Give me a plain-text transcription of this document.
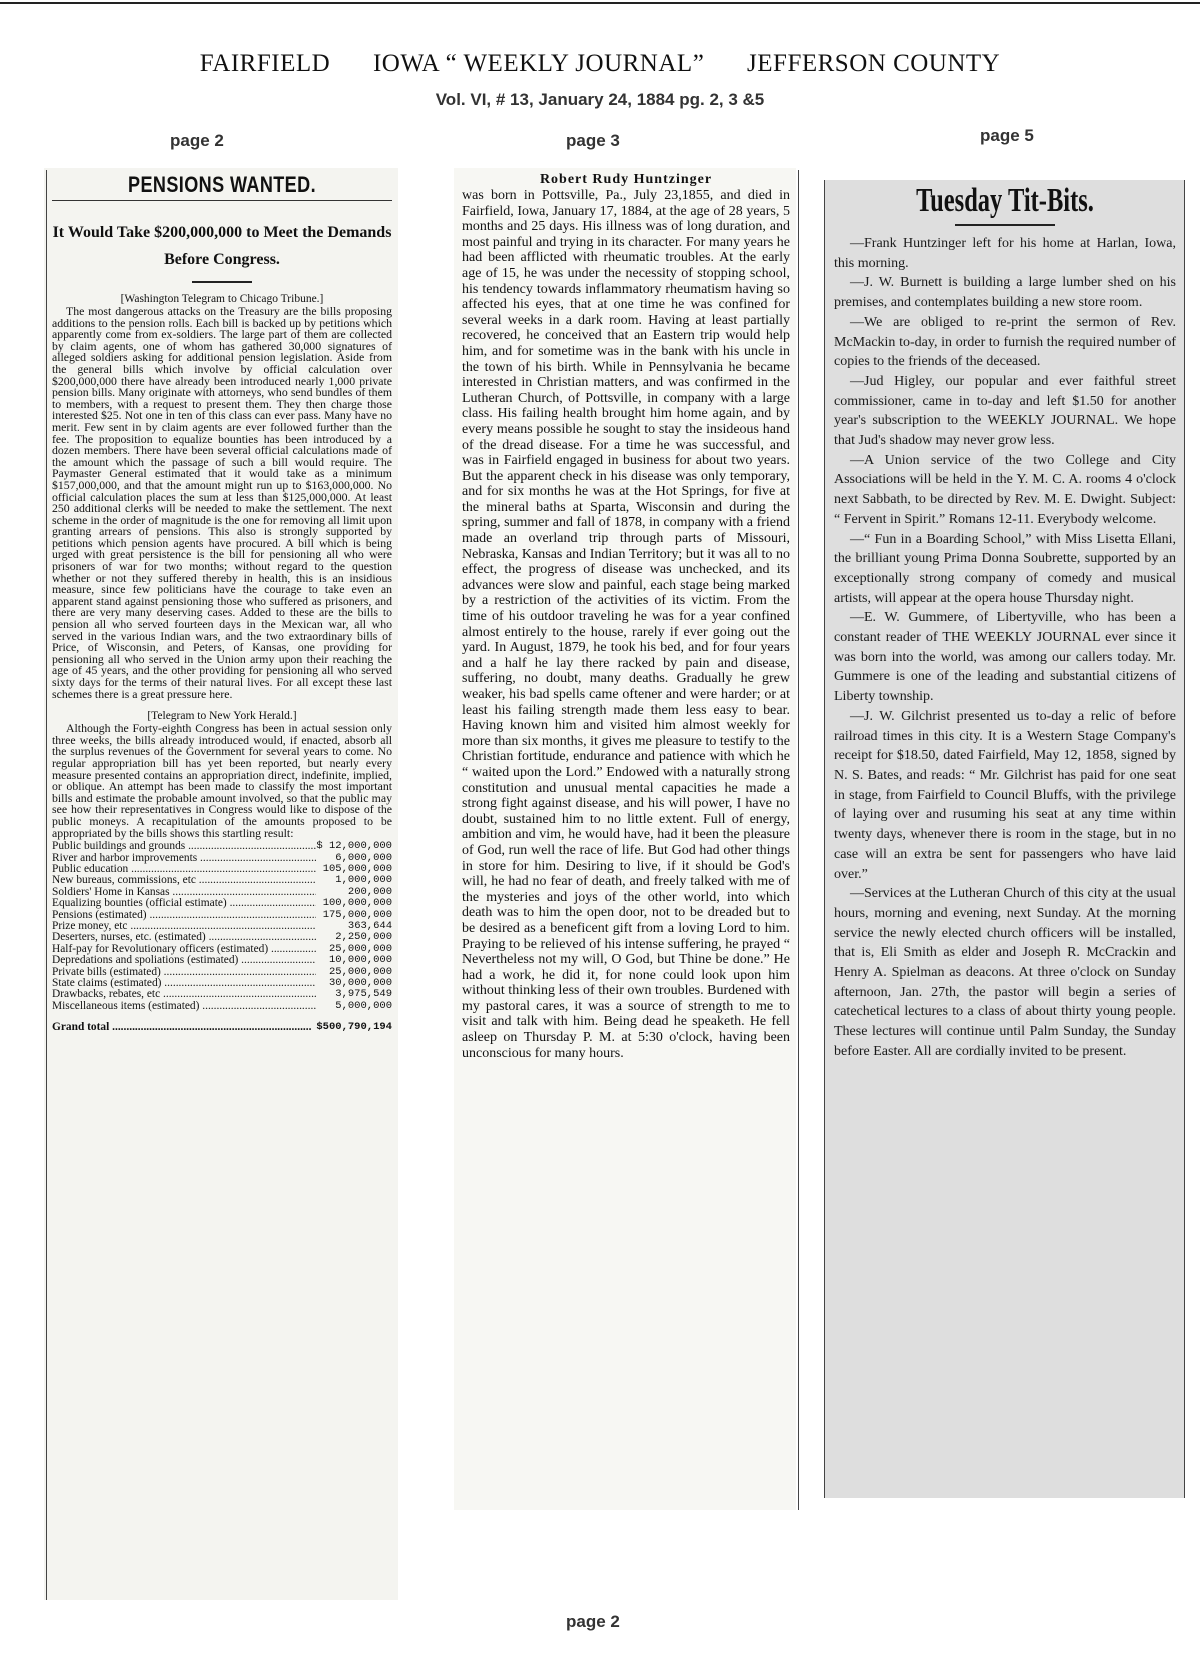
FAIRFIELD IOWA “ WEEKLY JOURNAL” JEFFERSON COUNTY
Vol. VI, # 13, January 24, 1884 pg. 2, 3 &5
page 2	page 3	page 5
PENSIONS WANTED.
It Would Take $200,000,000 to Meet the Demands Before Congress.
[Washington Telegram to Chicago Tribune.]

The most dangerous attacks on the Treasury are the bills proposing additions to the pension rolls. Each bill is backed up by petitions which apparently come from ex-soldiers. The large part of them are collected by claim agents, one of whom has gathered 30,000 signatures of alleged soldiers asking for additional pension legislation. Aside from the general bills which involve by official calculation over $200,000,000 there have already been introduced nearly 1,000 private pension bills. Many originate with attorneys, who send bundles of them to members, with a request to present them. They then charge those interested $25. Not one in ten of this class can ever pass. Many have no merit. Few sent in by claim agents are ever followed further than the fee. The proposition to equalize bounties has been introduced by a dozen members. There have been several official calculations made of the amount which the passage of such a bill would require. The Paymaster General estimated that it would take as a minimum $157,000,000, and that the amount might run up to $163,000,000. No official calculation places the sum at less than $125,000,000. At least 250 additional clerks will be needed to make the settlement. The next scheme in the order of magnitude is the one for removing all limit upon granting arrears of pensions. This also is strongly supported by petitions which pension agents have procured. A bill which is being urged with great persistence is the bill for pensioning all who were prisoners of war for two months; without regard to the question whether or not they suffered thereby in health, this is an insidious measure, since few politicians have the courage to take even an apparent stand against pensioning those who suffered as prisoners, and there are very many deserving cases. Added to these are the bills to pension all who served fourteen days in the Mexican war, all who served in the various Indian wars, and the two extraordinary bills of Price, of Wisconsin, and Peters, of Kansas, one providing for pensioning all who served in the Union army upon their reaching the age of 45 years, and the other providing for pensioning all who served sixty days for the terms of their natural lives. For all except these last schemes there is a great pressure here.

[Telegram to New York Herald.]

Although the Forty-eighth Congress has been in actual session only three weeks, the bills already introduced would, if enacted, absorb all the surplus revenues of the Government for several years to come. No regular appropriation bill has yet been reported, but nearly every measure presented contains an appropriation direct, indefinite, implied, or oblique. An attempt has been made to classify the most important bills and estimate the probable amount involved, so that the public may see how their representatives in Congress would like to dispose of the public moneys. A recapitulation of the amounts proposed to be appropriated by the bills shows this startling result:

Public buildings and grounds .....	$ 12,000,000
River and harbor improvements .....	6,000,000
Public education .....	105,000,000
New bureaus, commissions, etc .....	1,000,000
Soldiers' Home in Kansas .....	200,000
Equalizing bounties (official estimate) .....	100,000,000
Pensions (estimated) .....	175,000,000
Prize money, etc .....	363,644
Deserters, nurses, etc. (estimated) .....	2,250,000
Half-pay for Revolutionary officers (estimated) .....	25,000,000
Depredations and spoliations (estimated) .....	10,000,000
Private bills (estimated) .....	25,000,000
State claims (estimated) .....	30,000,000
Drawbacks, rebates, etc .....	3,975,549
Miscellaneous items (estimated) .....	5,000,000
Grand total .....	$500,790,194
Robert Rudy Huntzinger

was born in Pottsville, Pa., July 23,1855, and died in Fairfield, Iowa, January 17, 1884, at the age of 28 years, 5 months and 25 days. His illness was of long duration, and most painful and trying in its character. For many years he had been afflicted with rheumatic troubles. At the early age of 15, he was under the necessity of stopping school, his tendency towards inflammatory rheumatism having so affected his eyes, that at one time he was confined for several weeks in a dark room. Having at least partially recovered, he conceived that an Eastern trip would help him, and for sometime was in the bank with his uncle in the town of his birth. While in Pennsylvania he became interested in Christian matters, and was confirmed in the Lutheran Church, of Pottsville, in company with a large class. His failing health brought him home again, and by every means possible he sought to stay the insideous hand of the dread disease. For a time he was successful, and was in Fairfield engaged in business for about two years. But the apparent check in his disease was only temporary, and for six months he was at the Hot Springs, for five at the mineral baths at Sparta, Wisconsin and during the spring, summer and fall of 1878, in company with a friend made an overland trip through parts of Missouri, Nebraska, Kansas and Indian Territory; but it was all to no effect, the progress of disease was unchecked, and its advances were slow and painful, each stage being marked by a restriction of the activities of its victim. From the time of his outdoor traveling he was for a year confined almost entirely to the house, rarely if ever going out the yard. In August, 1879, he took his bed, and for four years and a half he lay there racked by pain and disease, suffering, no doubt, many deaths. Gradually he grew weaker, his bad spells came oftener and were harder; or at least his failing strength made them less easy to bear. Having known him and visited him almost weekly for more than six months, it gives me pleasure to testify to the Christian fortitude, endurance and patience with which he “ waited upon the Lord.” Endowed with a naturally strong constitution and unusual mental capacities he made a strong fight against disease, and his will power, I have no doubt, sustained him to no little extent. Full of energy, ambition and vim, he would have, had it been the pleasure of God, run well the race of life. But God had other things in store for him. Desiring to live, if it should be God's will, he had no fear of death, and freely talked with me of the mysteries and joys of the other world, into which death was to him the open door, not to be dreaded but to be desired as a beneficent gift from a loving Lord to him. Praying to be relieved of his intense suffering, he prayed “ Nevertheless not my will, O God, but Thine be done.” He had a work, he did it, for none could look upon him without thinking less of their own troubles. Burdened with my pastoral cares, it was a source of strength to me to visit and talk with him. Being dead he speaketh. He fell asleep on Thursday P. M. at 5:30 o'clock, having been unconscious for many hours.

Tuesday Tit-Bits.

—Frank Huntzinger left for his home at Harlan, Iowa, this morning.

—J. W. Burnett is building a large lumber shed on his premises, and contemplates building a new store room.

—We are obliged to re-print the sermon of Rev. McMackin to-day, in order to furnish the required number of copies to the friends of the deceased.

—Jud Higley, our popular and ever faithful street commissioner, came in to-day and left $1.50 for another year's subscription to the WEEKLY JOURNAL. We hope that Jud's shadow may never grow less.

—A Union service of the two College and City Associations will be held in the Y. M. C. A. rooms 4 o'clock next Sabbath, to be directed by Rev. M. E. Dwight. Subject: “ Fervent in Spirit.” Romans 12-11. Everybody welcome.

—“ Fun in a Boarding School,” with Miss Lisetta Ellani, the brilliant young Prima Donna Soubrette, supported by an exceptionally strong company of comedy and musical artists, will appear at the opera house Thursday night.

—E. W. Gummere, of Libertyville, who has been a constant reader of THE WEEKLY JOURNAL ever since it was born into the world, was among our callers today. Mr. Gummere is one of the leading and substantial citizens of Liberty township.

—J. W. Gilchrist presented us to-day a relic of before railroad times in this city. It is a Western Stage Company's receipt for $18.50, dated Fairfield, May 12, 1858, signed by N. S. Bates, and reads: “ Mr. Gilchrist has paid for one seat in stage, from Fairfield to Council Bluffs, with the privilege of laying over and rusuming his seat at any time within twenty days, whenever there is room in the stage, but in no case will an extra be sent for passengers who have laid over.”

—Services at the Lutheran Church of this city at the usual hours, morning and evening, next Sunday. At the morning service the newly elected church officers will be installed, that is, Eli Smith as elder and Joseph R. McCrackin and Henry A. Spielman as deacons. At three o'clock on Sunday afternoon, Jan. 27th, the pastor will begin a series of catechetical lectures to a class of about thirty young people. These lectures will continue until Palm Sunday, the Sunday before Easter. All are cordially invited to be present.

page 2
